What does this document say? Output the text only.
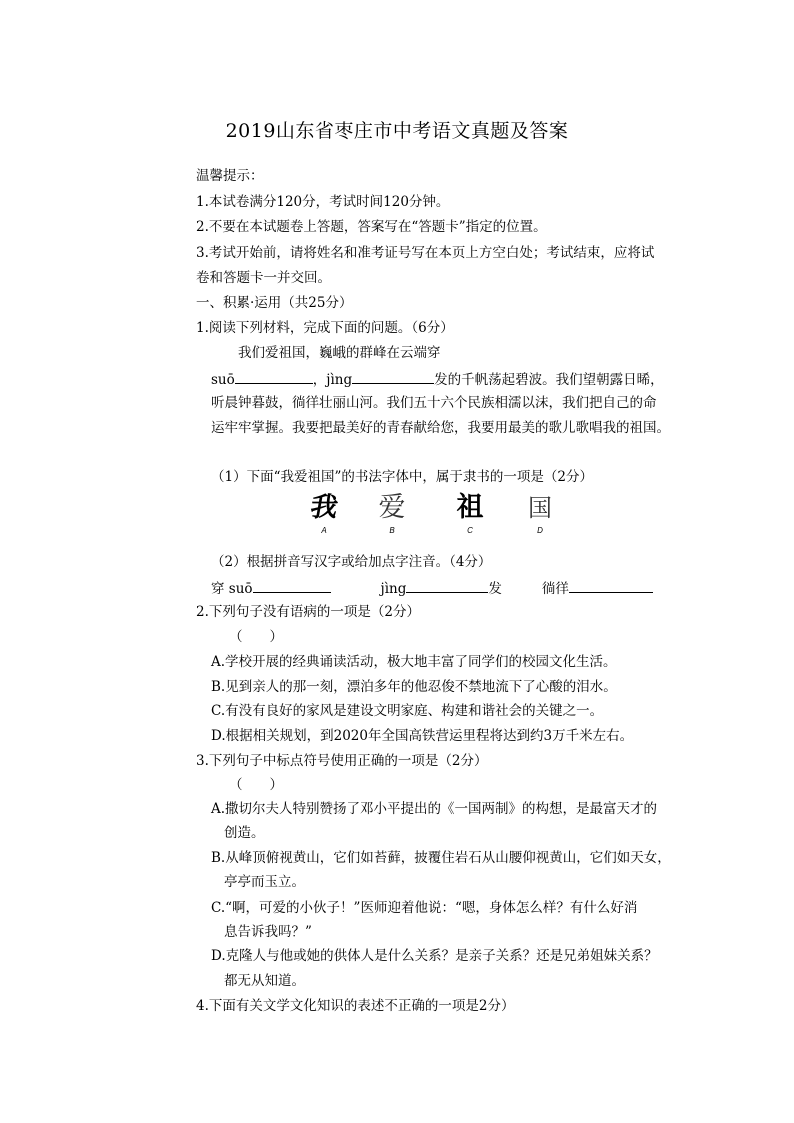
2019山东省枣庄市中考语文真题及答案
温馨提示：
1.本试卷满分120分，考试时间120分钟。
2.不要在本试题卷上答题，答案写在“答题卡”指定的位置。
3.考试开始前，请将姓名和准考证号写在本页上方空白处；考试结束，应将试
卷和答题卡一并交回。
一、积累·运用（共25分）
1.阅读下列材料，完成下面的问题。（6分）
我们爱祖国，巍峨的群峰在云端穿
suō	，jìng	发的千帆荡起碧波。我们望朝露日晞，
听晨钟暮鼓，徜徉壮丽山河。我们五十六个民族相濡以沫，我们把自己的命
运牢牢掌握。我要把最美好的青春献给您，我要用最美的歌儿歌唱我的祖国。
（1）下面“我爱祖国”的书法字体中，属于隶书的一项是（2分）
我
A
爱
B
祖
C
国
D
（2）根据拼音写汉字或给加点字注音。（4分）
穿 suō	jìng	发	徜徉
2.下列句子没有语病的一项是（2分）
（　　）
A.学校开展的经典诵读活动，极大地丰富了同学们的校园文化生活。
B.见到亲人的那一刻，漂泊多年的他忍俊不禁地流下了心酸的泪水。
C.有没有良好的家风是建设文明家庭、构建和谐社会的关键之一。
D.根据相关规划，到2020年全国高铁营运里程将达到约3万千米左右。
3.下列句子中标点符号使用正确的一项是（2分）
（　　）
A.撒切尔夫人特别赞扬了邓小平提出的《一国两制》的构想，是最富天才的
创造。
B.从峰顶俯视黄山，它们如苔藓，披覆住岩石从山腰仰视黄山，它们如天女，
亭亭而玉立。
C.“啊，可爱的小伙子！”医师迎着他说：“嗯，身体怎么样？有什么好消
息告诉我吗？”
D.克隆人与他或她的供体人是什么关系？是亲子关系？还是兄弟姐妹关系？
都无从知道。
4.下面有关文学文化知识的表述不正确的一项是2分）
